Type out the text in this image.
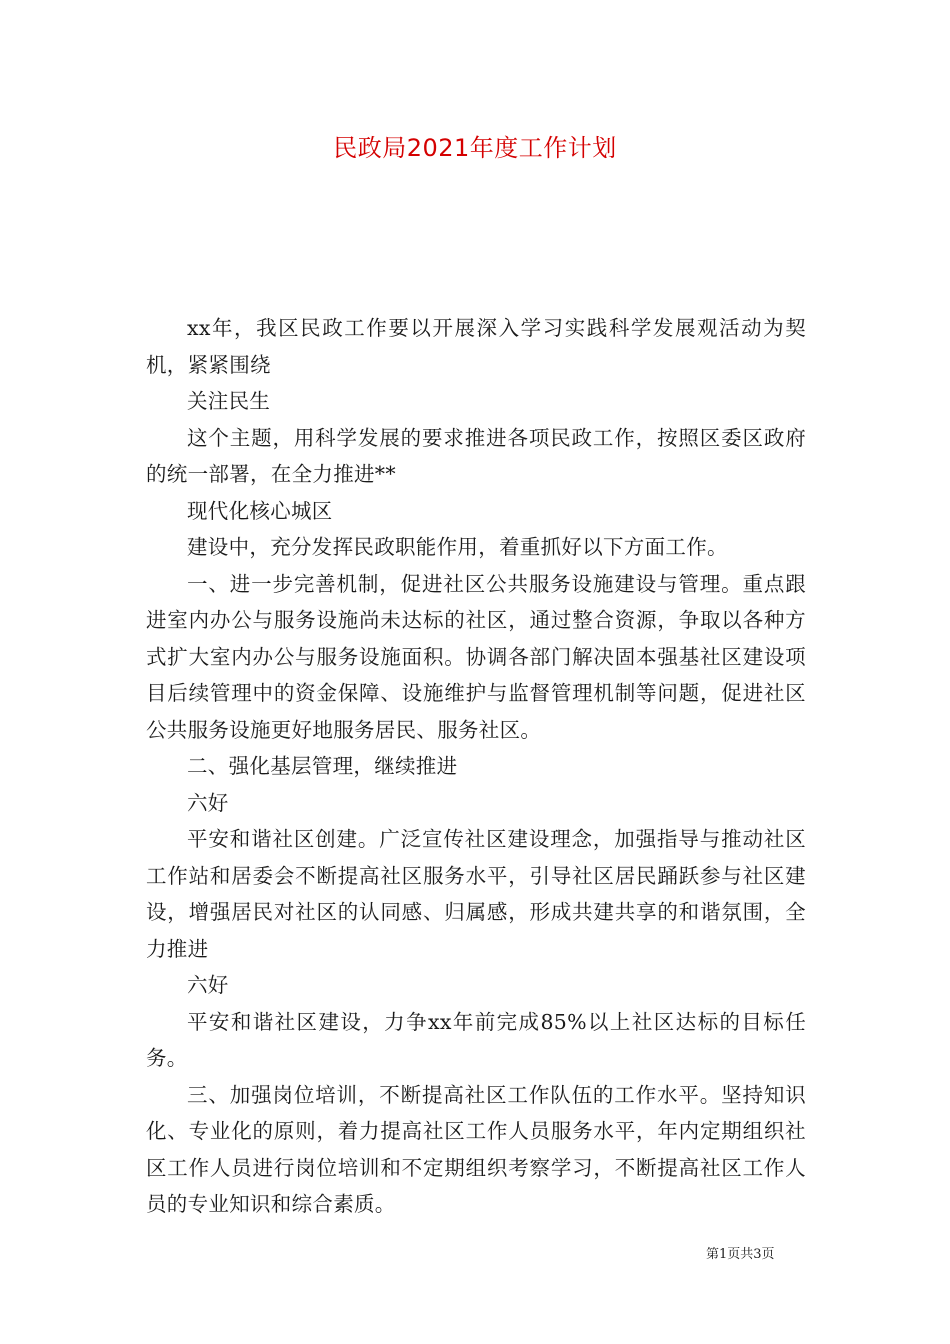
民政局2021年度工作计划

xx年，我区民政工作要以开展深入学习实践科学发展观活动为契机，紧紧围绕

关注民生

这个主题，用科学发展的要求推进各项民政工作，按照区委区政府的统一部署，在全力推进**

现代化核心城区

建设中，充分发挥民政职能作用，着重抓好以下方面工作。

一、进一步完善机制，促进社区公共服务设施建设与管理。重点跟进室内办公与服务设施尚未达标的社区，通过整合资源，争取以各种方式扩大室内办公与服务设施面积。协调各部门解决固本强基社区建设项目后续管理中的资金保障、设施维护与监督管理机制等问题，促进社区公共服务设施更好地服务居民、服务社区。

二、强化基层管理，继续推进

六好

平安和谐社区创建。广泛宣传社区建设理念，加强指导与推动社区工作站和居委会不断提高社区服务水平，引导社区居民踊跃参与社区建设，增强居民对社区的认同感、归属感，形成共建共享的和谐氛围，全力推进

六好

平安和谐社区建设，力争xx年前完成85%以上社区达标的目标任务。

三、加强岗位培训，不断提高社区工作队伍的工作水平。坚持知识化、专业化的原则，着力提高社区工作人员服务水平，年内定期组织社区工作人员进行岗位培训和不定期组织考察学习，不断提高社区工作人员的专业知识和综合素质。

第1页共3页
